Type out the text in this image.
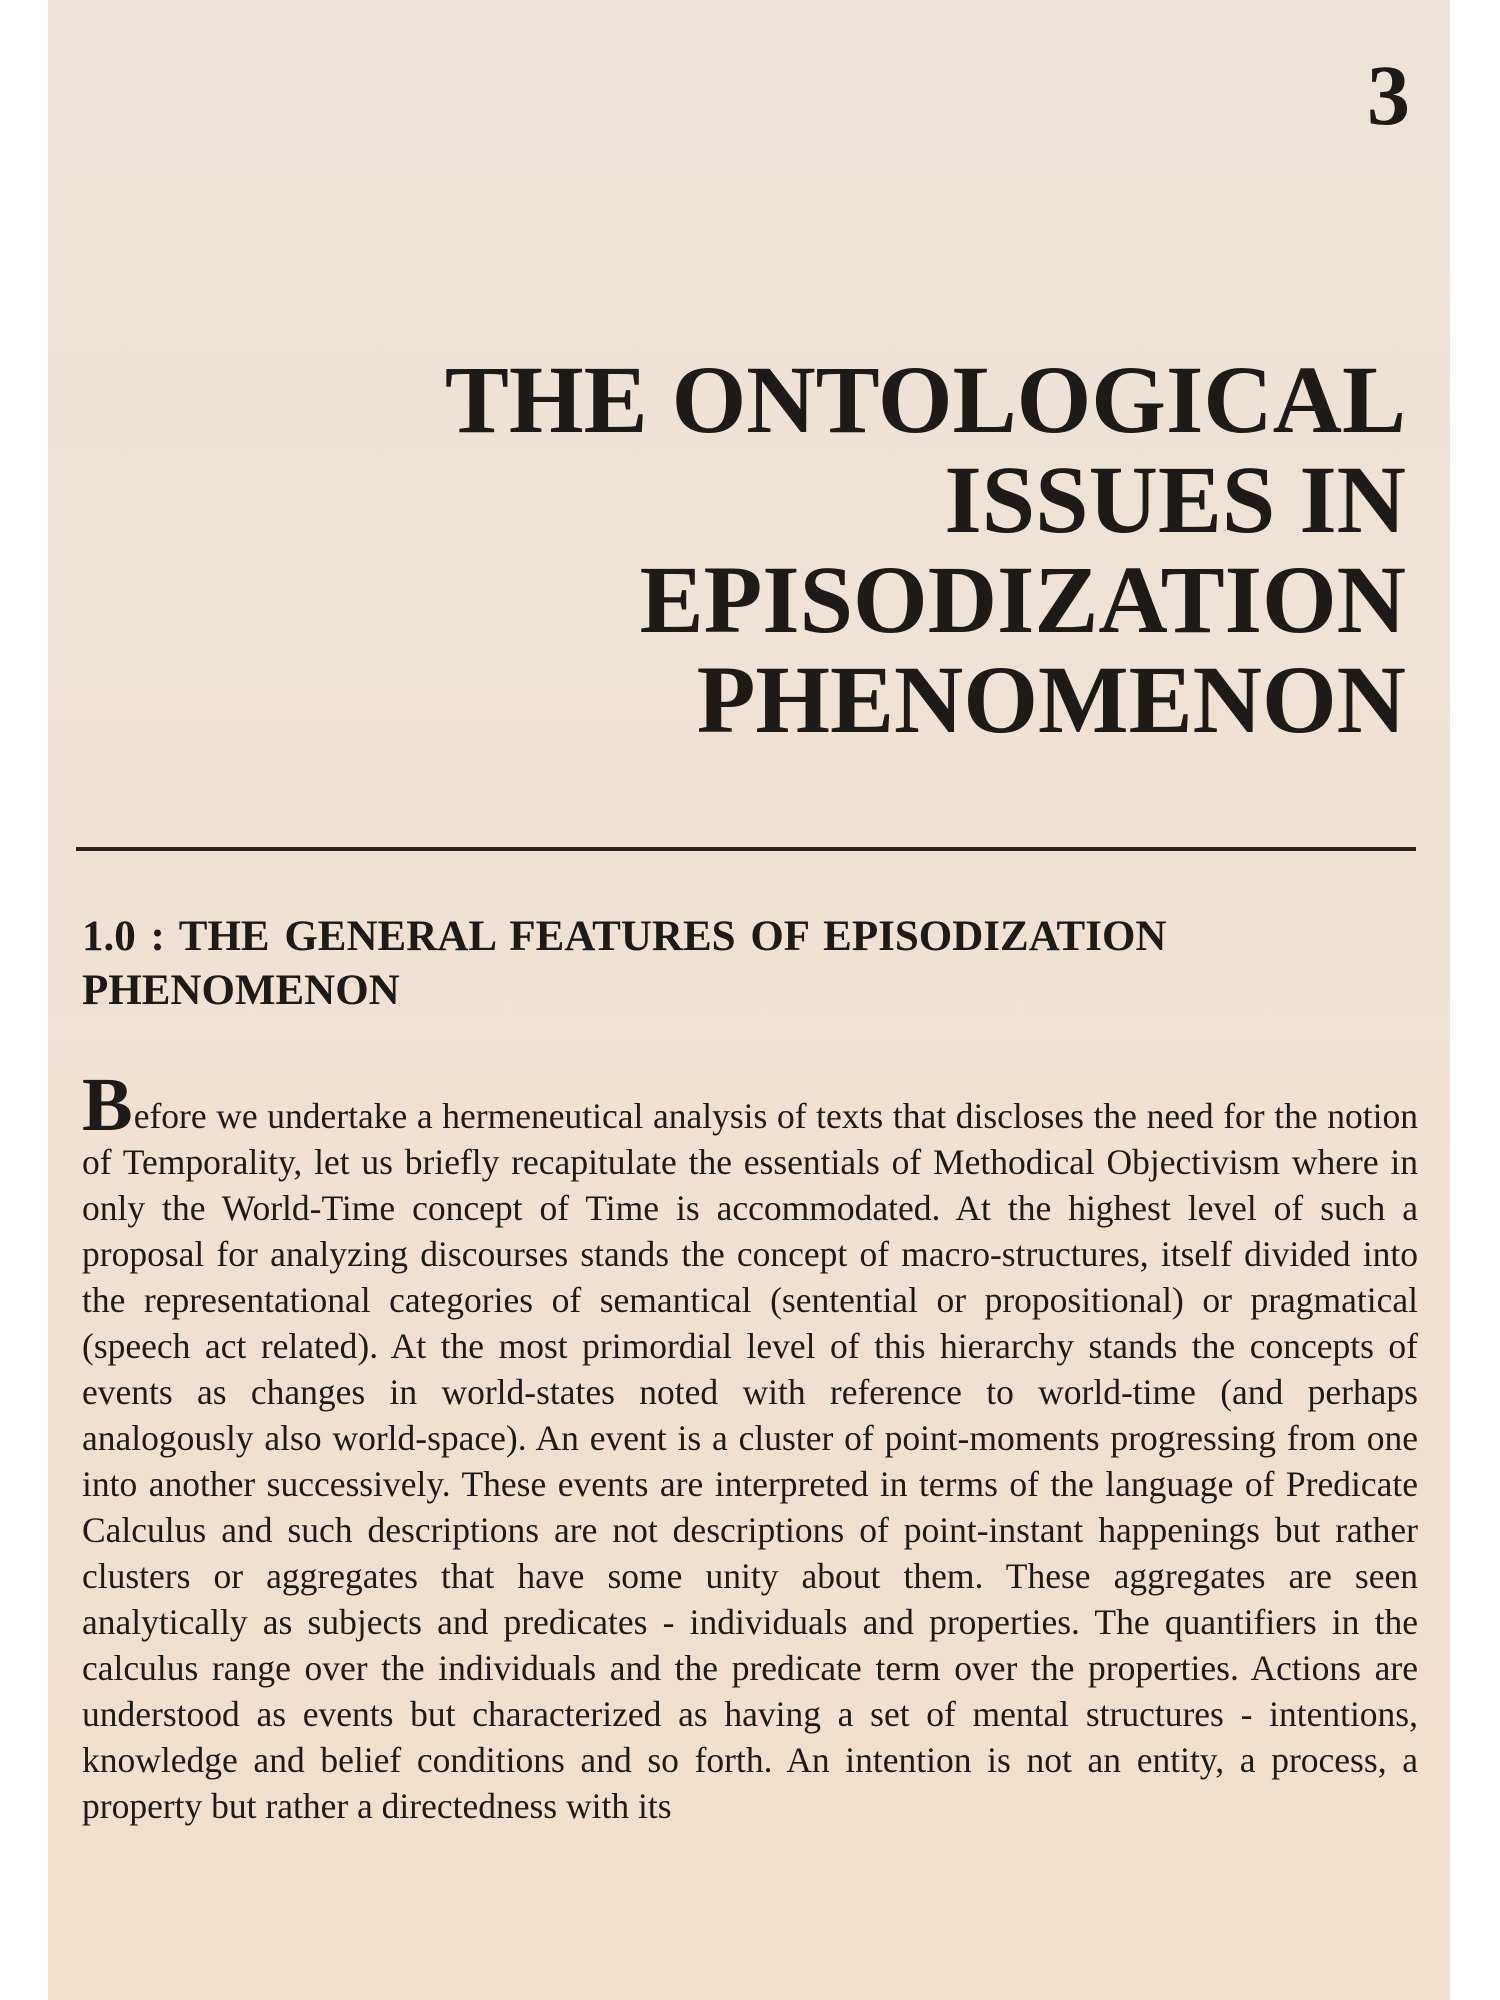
3
THE ONTOLOGICAL
ISSUES IN
EPISODIZATION
PHENOMENON
1.0 : THE GENERAL FEATURES OF EPISODIZATION PHENOMENON

Before we undertake a hermeneutical analysis of texts that discloses the need for the notion of Temporality, let us briefly recapitulate the essentials of Methodical Objectivism where in only the World-Time concept of Time is accommodated. At the highest level of such a proposal for analyzing discourses stands the concept of macro-structures, itself divided into the representational categories of semantical (sentential or propositional) or pragmatical (speech act related). At the most primordial level of this hierarchy stands the concepts of events as changes in world-states noted with reference to world-time (and perhaps analogously also world-space). An event is a cluster of point-moments progressing from one into another successively. These events are interpreted in terms of the language of Predicate Calculus and such descriptions are not descriptions of point-instant happenings but rather clusters or aggregates that have some unity about them. These aggregates are seen analytically as subjects and predicates - individuals and properties. The quantifiers in the calculus range over the individuals and the predicate term over the properties. Actions are understood as events but characterized as having a set of mental structures - intentions, knowledge and belief conditions and so forth. An intention is not an entity, a process, a property but rather a directedness with its
